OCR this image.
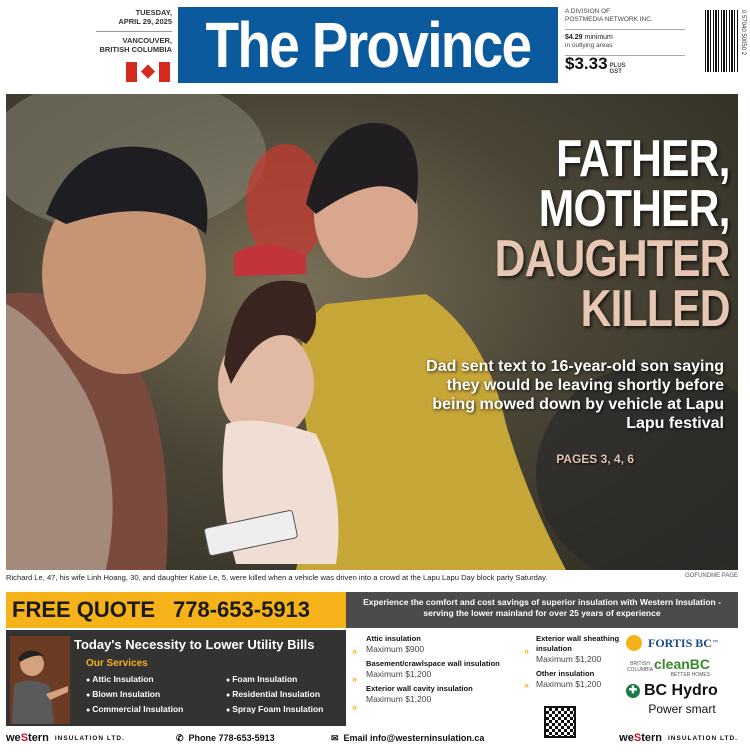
TUESDAY,
APRIL 29, 2025
VANCOUVER,
BRITISH COLUMBIA The Province	A DIVISION OF
POSTMEDIA NETWORK INC.
$4.29 minimum
in outlying areas
$3.33 PLUS
GST
0 57040 50050 2
FATHER,
MOTHER,
DAUGHTER
KILLED
Dad sent text to 16-year-old son saying they would be leaving shortly before being mowed down by vehicle at Lapu Lapu festival
PAGES 3, 4, 6
Richard Le, 47, his wife Linh Hoang, 30, and daughter Katie Le, 5, were killed when a vehicle was driven into a crowd at the Lapu Lapu Day block party Saturday.	GOFUNDME PAGE
FREE QUOTE 778-653-5913	Experience the comfort and cost savings of superior insulation with Western Insulation - serving the lower mainland for over 25 years of experience
Today's Necessity to Lower Utility Bills
Our Services
● Attic Insulation	● Foam Insulation
● Blown Insulation	● Residential Insulation
● Commercial Insulation	● Spray Foam Insulation
»
»
»
Attic insulation
Maximum $900
Basement/crawlspace wall insulation
Maximum $1,200
Exterior wall cavity insulation
Maximum $1,200
»
»
Exterior wall sheathing insulation
Maximum $1,200
Other insulation
Maximum $1,200
FORTIS BC ™
BRITISH COLUMBIA cleanBC
BETTER HOMES
✚ BC Hydro
Power smart
we S tern INSULATION LTD.	✆ Phone 778-653-5913	✉ Email info@westerninsulation.ca	we S tern INSULATION LTD.
